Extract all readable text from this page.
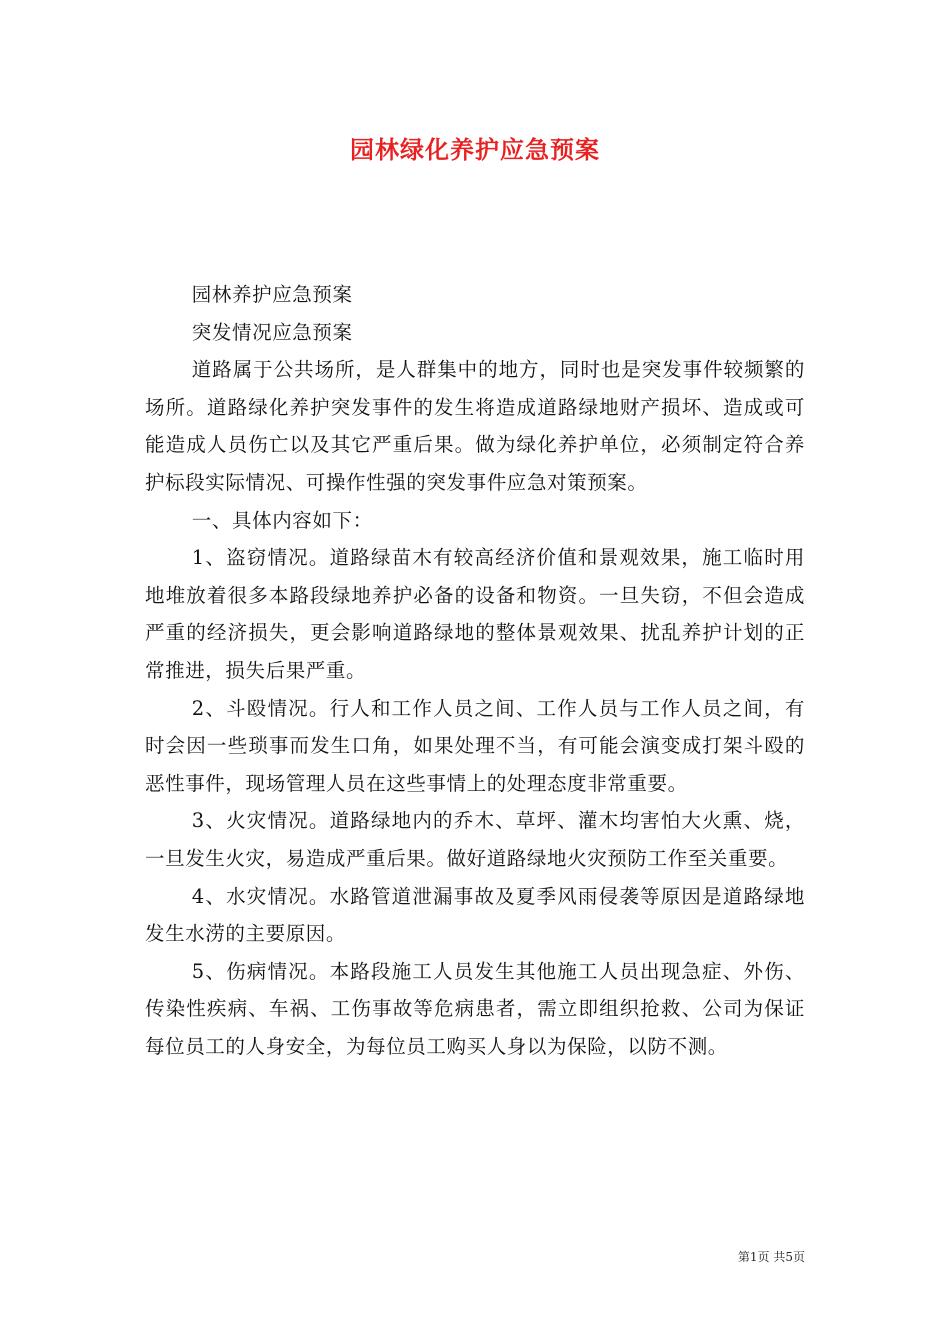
园林绿化养护应急预案

园林养护应急预案

突发情况应急预案

道路属于公共场所，是人群集中的地方，同时也是突发事件较频繁的场所。道路绿化养护突发事件的发生将造成道路绿地财产损坏、造成或可能造成人员伤亡以及其它严重后果。做为绿化养护单位，必须制定符合养护标段实际情况、可操作性强的突发事件应急对策预案。

一、具体内容如下：

1、盗窃情况。道路绿苗木有较高经济价值和景观效果，施工临时用地堆放着很多本路段绿地养护必备的设备和物资。一旦失窃，不但会造成严重的经济损失，更会影响道路绿地的整体景观效果、扰乱养护计划的正常推进，损失后果严重。

2、斗殴情况。行人和工作人员之间、工作人员与工作人员之间，有时会因一些琐事而发生口角，如果处理不当，有可能会演变成打架斗殴的恶性事件，现场管理人员在这些事情上的处理态度非常重要。

3、火灾情况。道路绿地内的乔木、草坪、灌木均害怕大火熏、烧，一旦发生火灾，易造成严重后果。做好道路绿地火灾预防工作至关重要。

4、水灾情况。水路管道泄漏事故及夏季风雨侵袭等原因是道路绿地发生水涝的主要原因。

5、伤病情况。本路段施工人员发生其他施工人员出现急症、外伤、传染性疾病、车祸、工伤事故等危病患者，需立即组织抢救、公司为保证每位员工的人身安全，为每位员工购买人身以为保险，以防不测。

第1页 共5页
